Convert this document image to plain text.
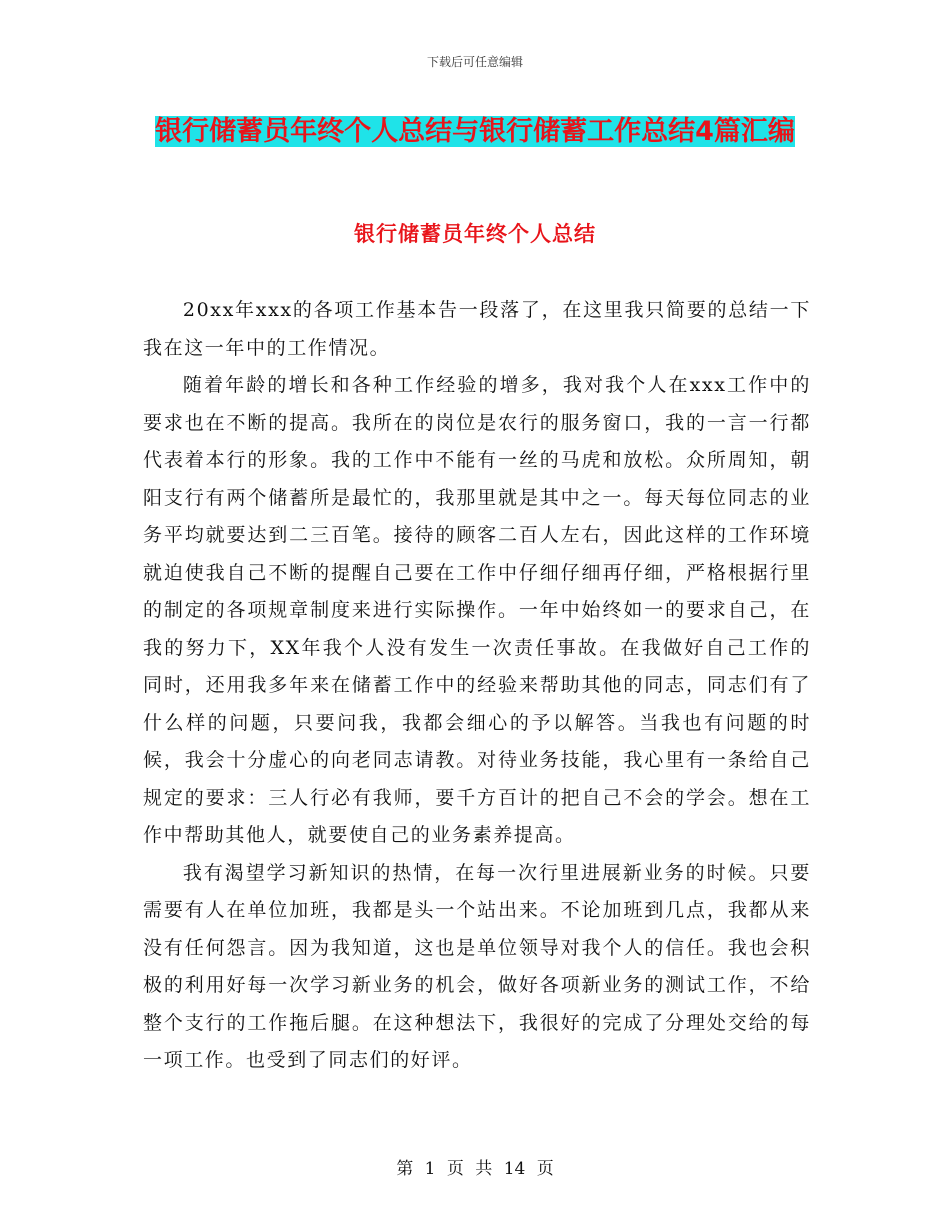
下载后可任意编辑
银行储蓄员年终个人总结与银行储蓄工作总结4篇汇编
银行储蓄员年终个人总结

20xx年xxx的各项工作基本告一段落了，在这里我只简要的总结一下我在这一年中的工作情况。

随着年龄的增长和各种工作经验的增多，我对我个人在xxx工作中的要求也在不断的提高。我所在的岗位是农行的服务窗口，我的一言一行都代表着本行的形象。我的工作中不能有一丝的马虎和放松。众所周知，朝阳支行有两个储蓄所是最忙的，我那里就是其中之一。每天每位同志的业务平均就要达到二三百笔。接待的顾客二百人左右，因此这样的工作环境就迫使我自己不断的提醒自己要在工作中仔细仔细再仔细，严格根据行里的制定的各项规章制度来进行实际操作。一年中始终如一的要求自己，在我的努力下，XX年我个人没有发生一次责任事故。在我做好自己工作的同时，还用我多年来在储蓄工作中的经验来帮助其他的同志，同志们有了什么样的问题，只要问我，我都会细心的予以解答。当我也有问题的时候，我会十分虚心的向老同志请教。对待业务技能，我心里有一条给自己规定的要求：三人行必有我师，要千方百计的把自己不会的学会。想在工作中帮助其他人，就要使自己的业务素养提高。

我有渴望学习新知识的热情，在每一次行里进展新业务的时候。只要需要有人在单位加班，我都是头一个站出来。不论加班到几点，我都从来没有任何怨言。因为我知道，这也是单位领导对我个人的信任。我也会积极的利用好每一次学习新业务的机会，做好各项新业务的测试工作，不给整个支行的工作拖后腿。在这种想法下，我很好的完成了分理处交给的每一项工作。也受到了同志们的好评。

第 1 页 共 14 页
